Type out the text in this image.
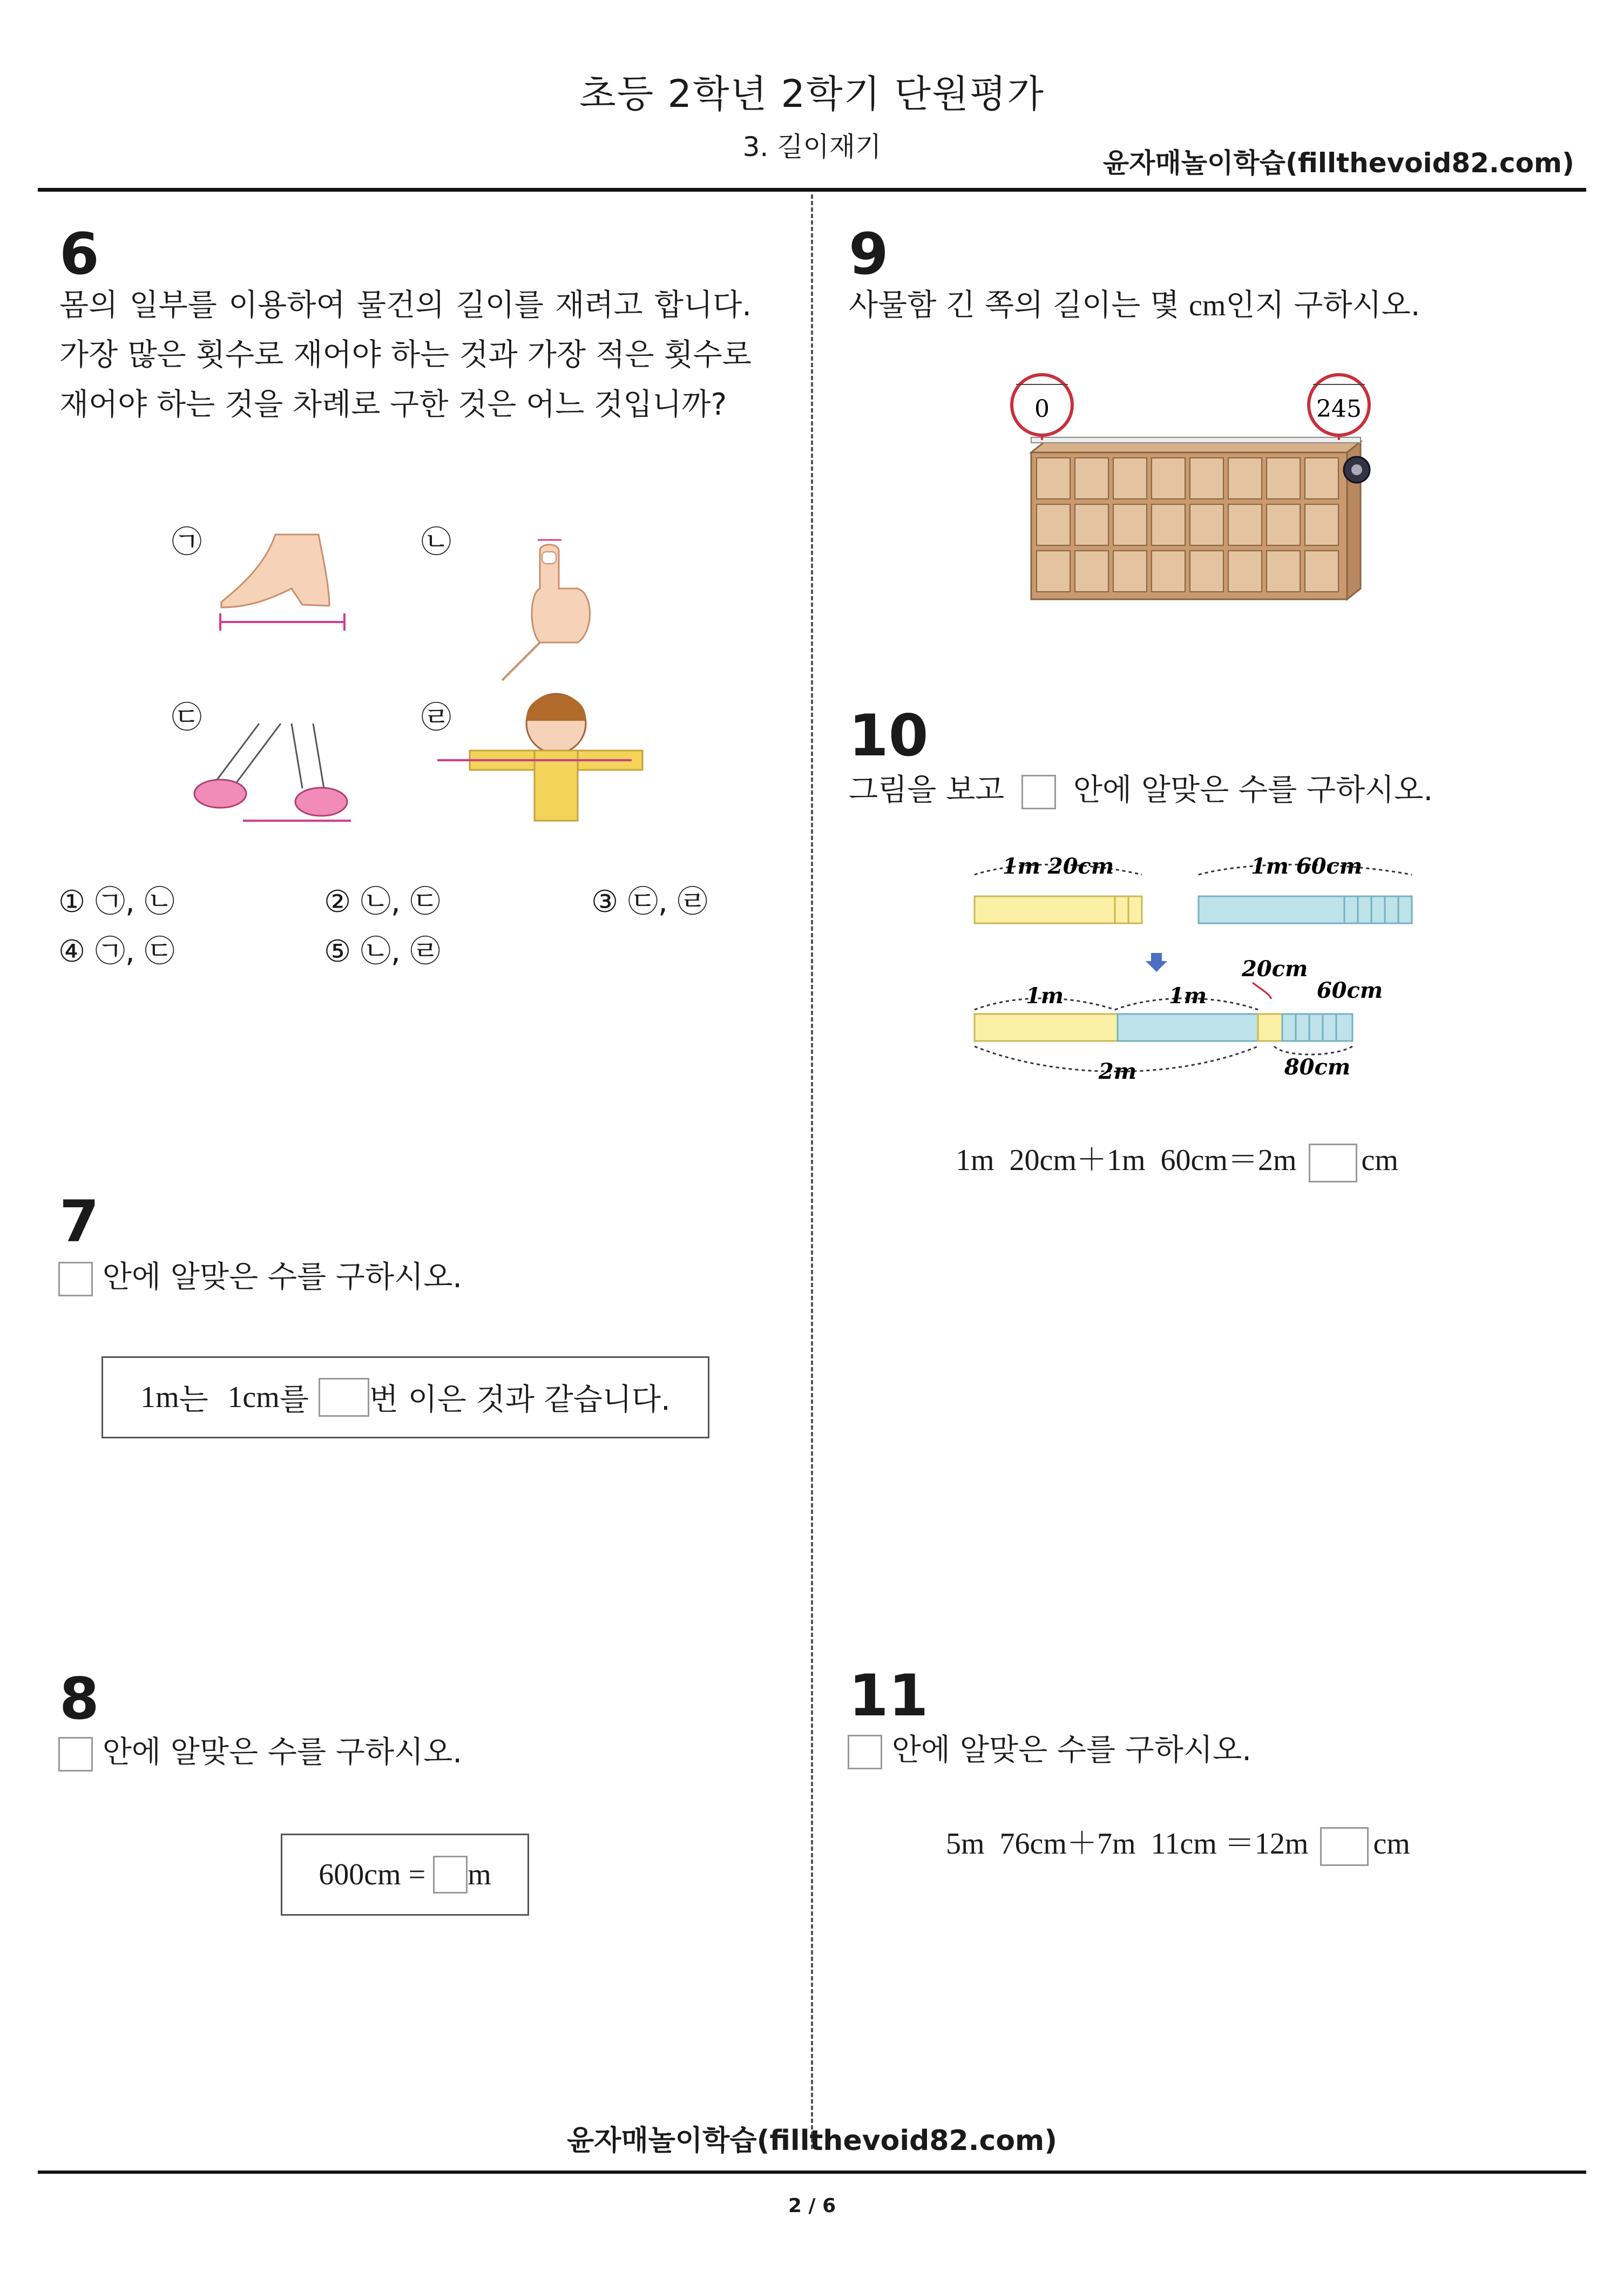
초등 2학년 2학기 단원평가
3. 길이재기
윤자매놀이학습(fillthevoid82.com)
6
몸의 일부를 이용하여 물건의 길이를 재려고 합니다. 가장 많은 횟수로 재어야 하는 것과 가장 적은 횟수로 재어야 하는 것을 차례로 구한 것은 어느 것입니까?
㉠	㉡
㉢	㉣
① ㉠, ㉡	② ㉡, ㉢	③ ㉢, ㉣
④ ㉠, ㉢	⑤ ㉡, ㉣
7
안에 알맞은 수를 구하시오.
1m 는
1cm 를
번 이은 것과 같습니다.
8
안에 알맞은 수를 구하시오.
600cm =
m
9
사물함 긴 쪽의 길이는 몇 cm인지 구하시오.
0	245
10
그림을 보고 안에 알맞은 수를 구하시오.
1m 20cm	1m 60cm
20cm
1m	1m	60cm
2m	80cm
1m  20cm＋1m  60cm＝2m cm
11
안에 알맞은 수를 구하시오.
5m  76cm＋7m  11cm ＝12m cm
윤자매놀이학습(fillthevoid82.com)
2 / 6
